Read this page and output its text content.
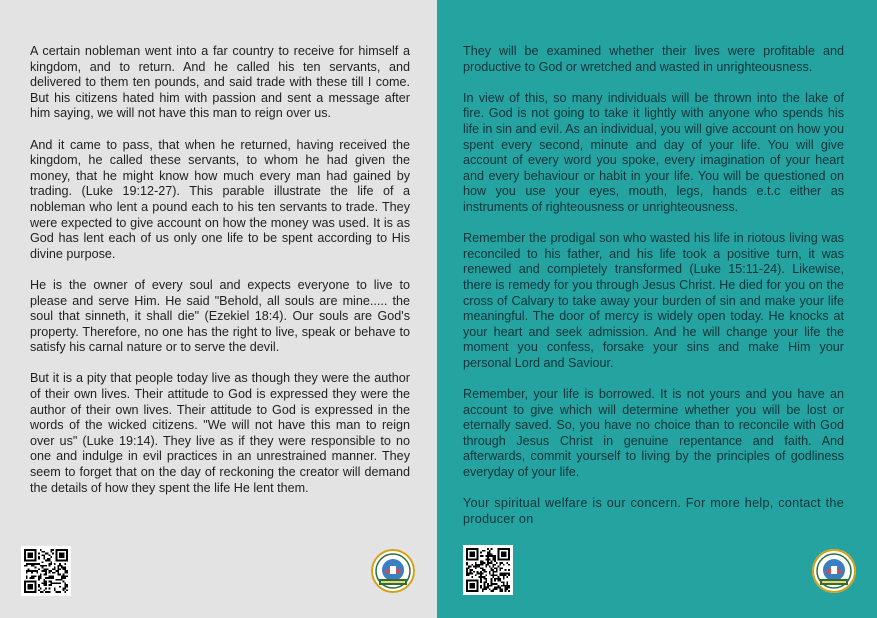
A certain nobleman went into a far country to receive for himself a kingdom, and to return. And he called his ten servants, and delivered to them ten pounds, and said trade with these till I come. But his citizens hated him with passion and sent a message after him saying, we will not have this man to reign over us.

And it came to pass, that when he returned, having received the kingdom, he called these servants, to whom he had given the money, that he might know how much every man had gained by trading. (Luke 19:12-27). This parable illustrate the life of a nobleman who lent a pound each to his ten servants to trade. They were expected to give account on how the money was used. It is as God has lent each of us only one life to be spent according to His divine purpose.

He is the owner of every soul and expects everyone to live to please and serve Him. He said "Behold, all souls are mine..... the soul that sinneth, it shall die" (Ezekiel 18:4). Our souls are God's property. Therefore, no one has the right to live, speak or behave to satisfy his carnal nature or to serve the devil.

But it is a pity that people today live as though they were the author of their own lives. Their attitude to God is expressed they were the author of their own lives. Their attitude to God is expressed in the words of the wicked citizens. "We will not have this man to reign over us" (Luke 19:14). They live as if they were responsible to no one and indulge in evil practices in an unrestrained manner. They seem to forget that on the day of reckoning the creator will demand the details of how they spent the life He lent them.

They will be examined whether their lives were profitable and productive to God or wretched and wasted in unrighteousness.

In view of this, so many individuals will be thrown into the lake of fire. God is not going to take it lightly with anyone who spends his life in sin and evil. As an individual, you will give account on how you spent every second, minute and day of your life. You will give account of every word you spoke, every imagination of your heart and every behaviour or habit in your life. You will be questioned on how you use your eyes, mouth, legs, hands e.t.c either as instruments of righteousness or unrighteousness.

Remember the prodigal son who wasted his life in riotous living was reconciled to his father, and his life took a positive turn, it was renewed and completely transformed (Luke 15:11-24). Likewise, there is remedy for you through Jesus Christ. He died for you on the cross of Calvary to take away your burden of sin and make your life meaningful. The door of mercy is widely open today. He knocks at your heart and seek admission. And he will change your life the moment you confess, forsake your sins and make Him your personal Lord and Saviour.

Remember, your life is borrowed. It is not yours and you have an account to give which will determine whether you will be lost or eternally saved. So, you have no choice than to reconcile with God through Jesus Christ in genuine repentance and faith. And afterwards, commit yourself to living by the principles of godliness everyday of your life.

Your spiritual welfare is our concern. For more help, contact the producer on
